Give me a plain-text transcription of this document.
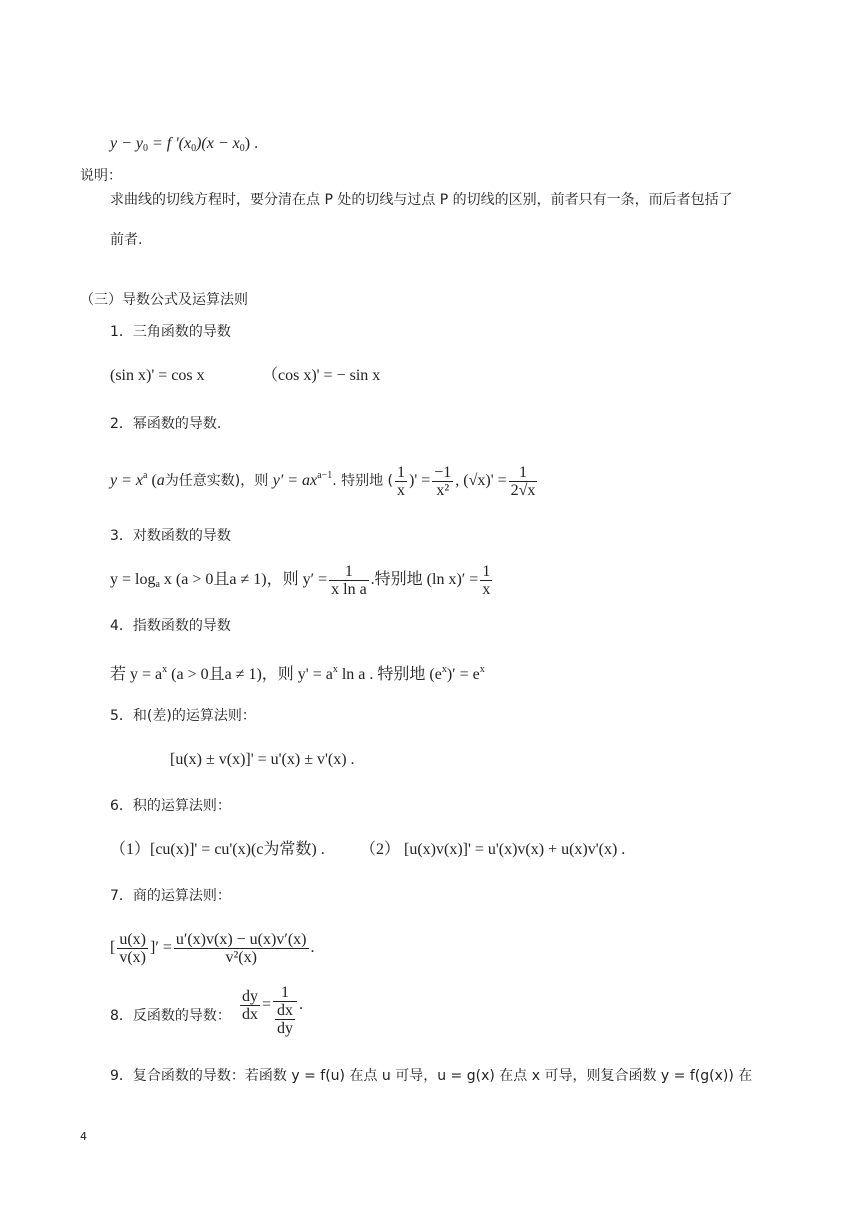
$y - y_0 = f$ '$(x_0)(x - x_0)$ .
说明：
求曲线的切线方程时，要分清在点 P 处的切线与过点 P 的切线的区别，前者只有一条，而后者包括了
前者.
（三）导数公式及运算法则
1．三角函数的导数
(sin x)' = cos x	（cos x)' = − sin x
2．幂函数的导数.
$y = x^a$ (a为任意实数)，则 $y' = ax^{a-1}$. 特别地 ( $\frac{1}{x}$ )' = $\frac{-1}{\text{x²}}$ , $(√x)' = \frac{1}{2√x}$
3．对数函数的导数
$y = \log_a x$ (a > 0且a ≠ 1)，则 $y' = \frac{1}{\text{x ln a}}$ .特别地 (ln $x)' = \frac{1}{x}$
4．指数函数的导数
若 $y = a^x$ (a > 0且a ≠ 1)，则 $y' = a^x$ ln a . 特别地 $(e^x)' = e^x$
5．和(差)的运算法则：
[u(x) ± v(x)]' = u'(x) ± v'(x) .
6．积的运算法则：
（1）[cu(x)]' = cu'(x)(c为常数) . （2） [u(x)v(x)]' = u'(x)v(x) + u(x)v'(x) .
7．商的运算法则：
[ $\frac{u(x)}{v(x)}$ ]′ = $\frac{u'(x)v(x) - u(x)v'(x)}{\text{v²(x)}}$ .
8．反函数的导数： $\frac{dy}{dx} = \frac{1}{\frac{dx}{dy}}$ .
9．复合函数的导数：若函数 y = f(u) 在点 u 可导，u = g(x) 在点 x 可导，则复合函数 y = f(g(x)) 在
4
